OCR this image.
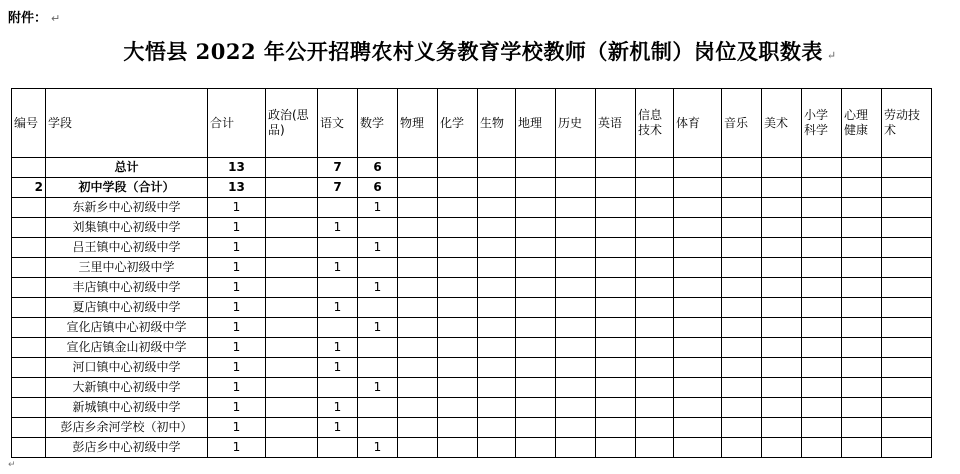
附件： ↵
大悟县 2022 年公开招聘农村义务教育学校教师（新机制）岗位及职数表 ↵
编号	学段	合计	政治(思品)	语文	数学	物理	化学	生物	地理	历史	英语	信息技术	体育	音乐	美术	小学科学	心理健康	劳动技术
	总计	13		7	6													
2	初中学段（合计）	13		7	6													
	东新乡中心初级中学	1			1													
	刘集镇中心初级中学	1		1														
	吕王镇中心初级中学	1			1													
	三里中心初级中学	1		1														
	丰店镇中心初级中学	1			1													
	夏店镇中心初级中学	1		1														
	宣化店镇中心初级中学	1			1													
	宣化店镇金山初级中学	1		1														
	河口镇中心初级中学	1		1														
	大新镇中心初级中学	1			1													
	新城镇中心初级中学	1		1														
	彭店乡余河学校（初中）	1		1														
	彭店乡中心初级中学	1			1													
↵
